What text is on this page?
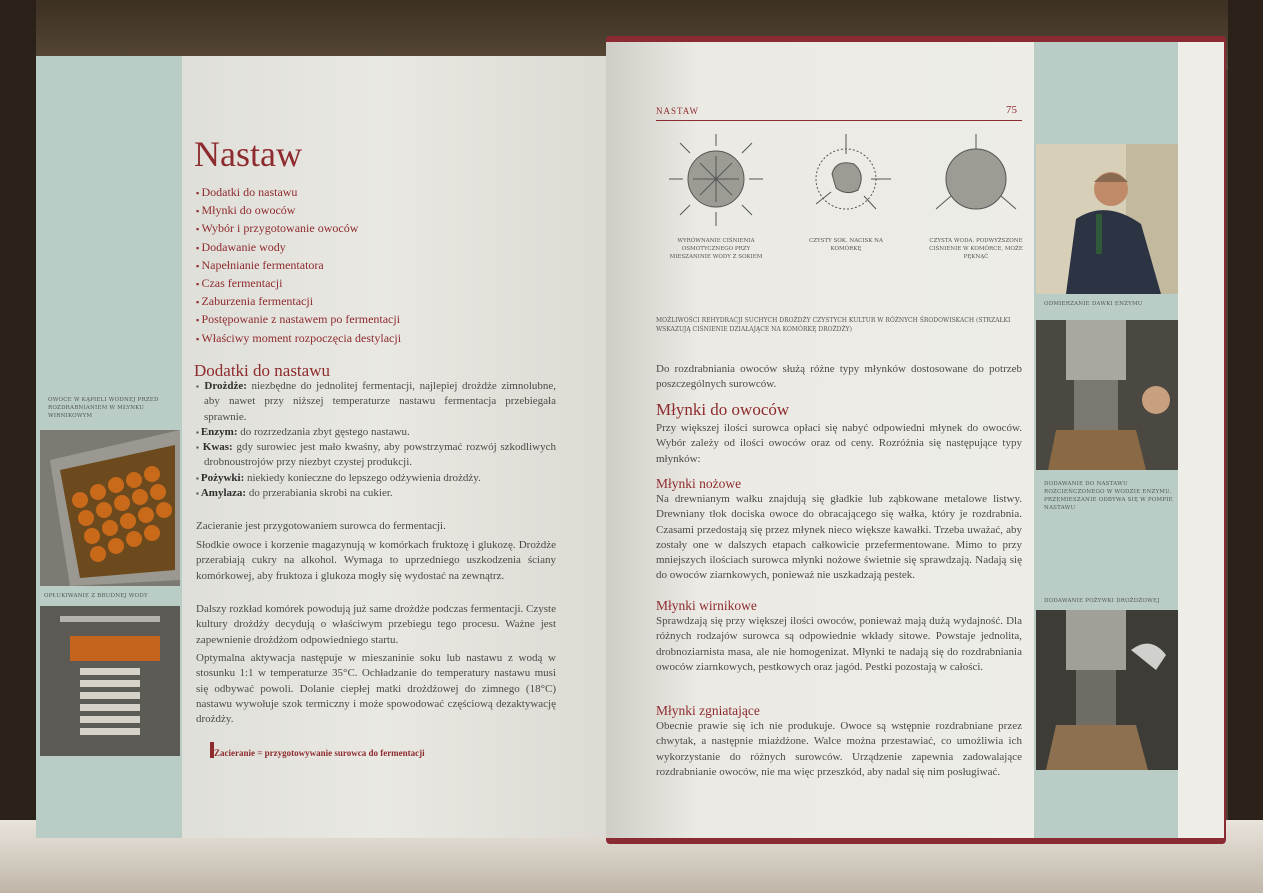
OWOCE W KĄPIELI WODNEJ PRZED ROZDRABNIANIEM W MŁYNKU WIRNIKOWYM
OPŁUKIWANIE Z BRUDNEJ WODY
Nastaw
▪ Dodatki do nastawu
▪ Młynki do owoców
▪ Wybór i przygotowanie owoców
▪ Dodawanie wody
▪ Napełnianie fermentatora
▪ Czas fermentacji
▪ Zaburzenia fermentacji
▪ Postępowanie z nastawem po fermentacji
▪ Właściwy moment rozpoczęcia destylacji
Dodatki do nastawu
▪ Drożdże: niezbędne do jednolitej fermentacji, najlepiej drożdże zimnolubne, aby nawet przy niższej temperaturze nastawu fermentacja przebiegała sprawnie.
▪ Enzym: do rozrzedzania zbyt gęstego nastawu.
▪ Kwas: gdy surowiec jest mało kwaśny, aby powstrzymać rozwój szkodliwych drobnoustrojów przy niezbyt czystej produkcji.
▪ Pożywki: niekiedy konieczne do lepszego odżywienia drożdży.
▪ Amylaza: do przerabiania skrobi na cukier.

Zacieranie jest przygotowaniem surowca do fermentacji.

Słodkie owoce i korzenie magazynują w komórkach fruktozę i glukozę. Drożdże przerabiają cukry na alkohol. Wymaga to uprzedniego uszkodzenia ściany komórkowej, aby fruktoza i glukoza mogły się wydostać na zewnątrz.

Dalszy rozkład komórek powodują już same drożdże podczas fermentacji. Czyste kultury drożdży decydują o właściwym przebiegu tego procesu. Ważne jest zapewnienie drożdżom odpowiedniego startu.

Optymalna aktywacja następuje w mieszaninie soku lub nastawu z wodą w stosunku 1:1 w temperaturze 35°C. Ochładzanie do temperatury nastawu musi się odbywać powoli. Dolanie ciepłej matki drożdżowej do zimnego (18°C) nastawu wywołuje szok termiczny i może spowodować częściową dezaktywację drożdży.

Zacieranie = przygotowywanie surowca do fermentacji
NASTAW	75
WYRÓWNANIE CIŚNIENIA OSMOTYCZNEGO PRZY MIESZANINIE WODY Z SOKIEM
CZYSTY SOK. NACISK NA KOMÓRKĘ
CZYSTA WODA. PODWYŻSZONE CIŚNIENIE W KOMÓRCE, MOŻE PĘKNĄĆ
MOŻLIWOŚCI REHYDRACJI SUCHYCH DROŻDŻY CZYSTYCH KULTUR W RÓŻNYCH ŚRODOWISKACH (STRZAŁKI WSKAZUJĄ CIŚNIENIE DZIAŁAJĄCE NA KOMÓRKĘ DROŻDŻY)

Do rozdrabniania owoców służą różne typy młynków dostosowane do potrzeb poszczególnych surowców.

Młynki do owoców

Przy większej ilości surowca opłaci się nabyć odpowiedni młynek do owoców. Wybór zależy od ilości owoców oraz od ceny. Rozróżnia się następujące typy młynków:

Młynki nożowe

Na drewnianym wałku znajdują się gładkie lub ząbkowane metalowe listwy. Drewniany tłok dociska owoce do obracającego się wałka, który je rozdrabnia. Czasami przedostają się przez młynek nieco większe kawałki. Trzeba uważać, aby zostały one w dalszych etapach całkowicie przefermentowane. Mimo to przy mniejszych ilościach surowca młynki nożowe świetnie się sprawdzają. Nadają się do owoców ziarnkowych, ponieważ nie uszkadzają pestek.

Młynki wirnikowe

Sprawdzają się przy większej ilości owoców, ponieważ mają dużą wydajność. Dla różnych rodzajów surowca są odpowiednie wkłady sitowe. Powstaje jednolita, drobnoziarnista masa, ale nie homogenizat. Młynki te nadają się do rozdrabniania owoców ziarnkowych, pestkowych oraz jagód. Pestki pozostają w całości.

Młynki zgniatające

Obecnie prawie się ich nie produkuje. Owoce są wstępnie rozdrabniane przez chwytak, a następnie miażdżone. Walce można przestawiać, co umożliwia ich wykorzystanie do różnych surowców. Urządzenie zapewnia zadowalające rozdrabnianie owoców, nie ma więc przeszkód, aby nadal się nim posługiwać.

ODMIERZANIE DAWKI ENZYMU
DODAWANIE DO NASTAWU ROZCIEŃCZONEGO W WODZIE ENZYMU. PRZEMIESZANIE ODBYWA SIĘ W POMPIE NASTAWU
DODAWANIE POŻYWKI DROŻDŻOWEJ
